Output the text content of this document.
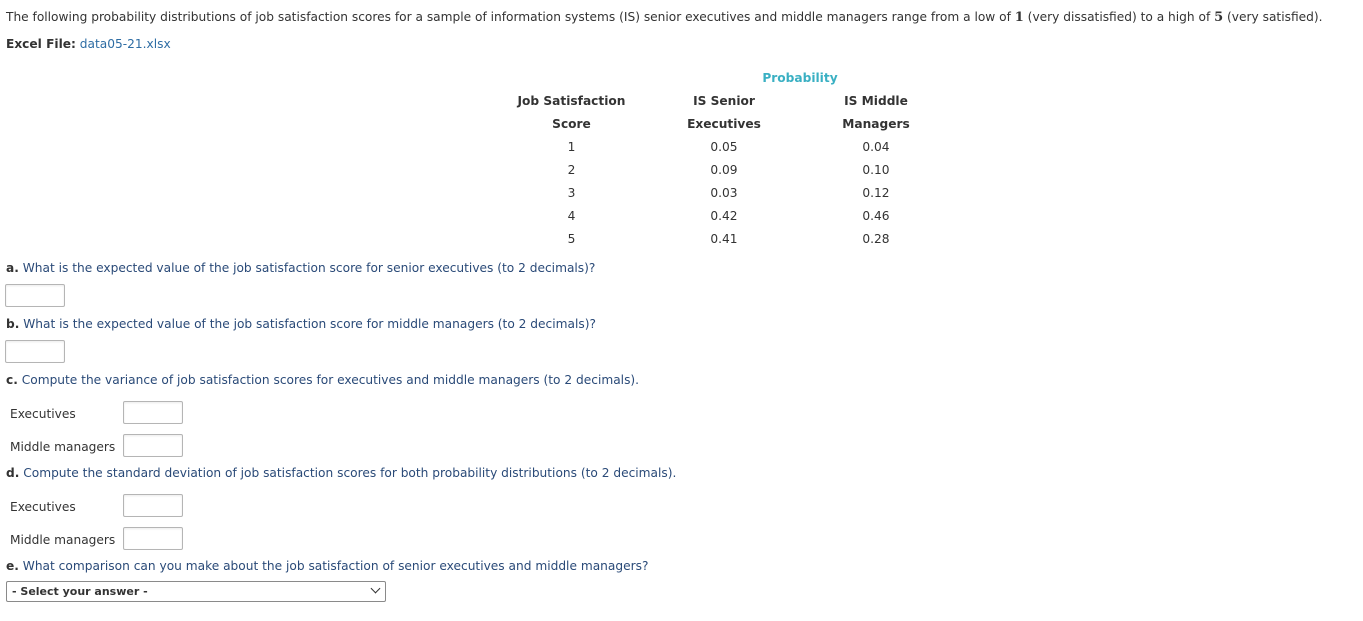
The following probability distributions of job satisfaction scores for a sample of information systems (IS) senior executives and middle managers range from a low of 1 (very dissatisfied) to a high of 5 (very satisfied).
Excel File: data05-21.xlsx
Probability
Job Satisfaction
Score
1
2
3
4
5
IS Senior
Executives
0.05
0.09
0.03
0.42
0.41
IS Middle
Managers
0.04
0.10
0.12
0.46
0.28
a. What is the expected value of the job satisfaction score for senior executives (to 2 decimals)?
b. What is the expected value of the job satisfaction score for middle managers (to 2 decimals)?
c. Compute the variance of job satisfaction scores for executives and middle managers (to 2 decimals).
Executives
Middle managers
d. Compute the standard deviation of job satisfaction scores for both probability distributions (to 2 decimals).
Executives
Middle managers
e. What comparison can you make about the job satisfaction of senior executives and middle managers?
- Select your answer -
